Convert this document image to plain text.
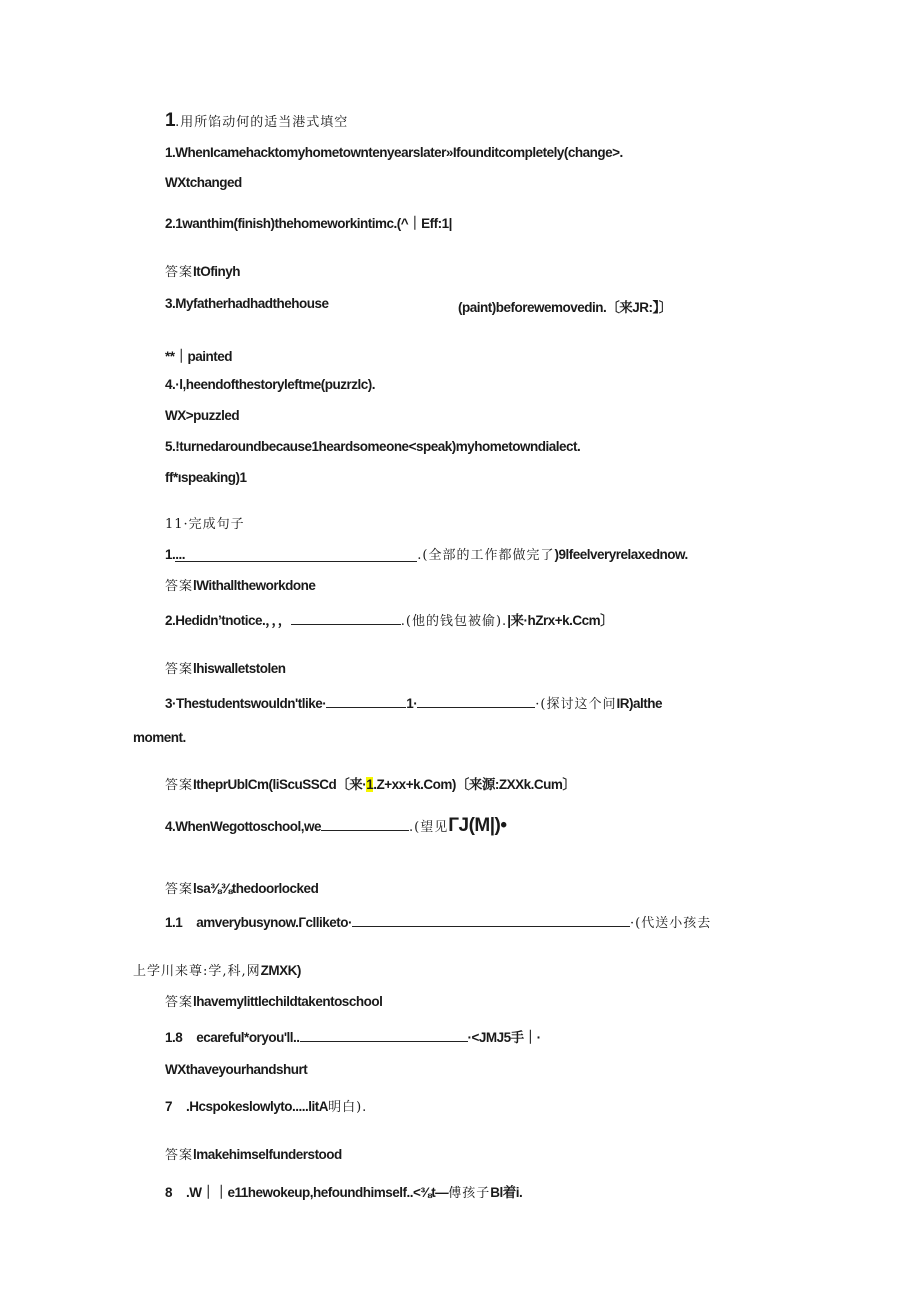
1.用所馅动何的适当港式填空
1.WhenIcamehacktomyhometowntenyearslater»Ifounditcompletely(change>.
WXtchanged
2.1wanthim(finish)thehomeworkintimc.(^｜Eff:1|
答案ItOfinyh
3.Myfatherhadhadthehouse	(paint)beforewemovedin.〔来JR:】〕
**｜painted
4.·l,heendofthestoryleftme(puzrzlc).
WX>puzzled
5.!turnedaroundbecause1heardsomeone<speak)myhometowndialect.
ff*ıspeaking)1
11·完成句子
1....	.(全部的工作都做完了)9lfeelveryrelaxednow.
答案lWithalltheworkdone
2.Hedidn’tnotice.，，，	.(他的钱包被偷).|来·hZrx+k.Ccm〕
答案lhiswalletstolen
3·Thestudentswouldn'tlike·	1·	·(探讨这个问IR)althe
moment.
答案ItheprUblCm(liScuSSCd〔来·1.Z+xx+k.Com)〔来源:ZXXk.Cum〕
4.WhenWegottoschool,we	.(望见ГJ(M|)•
答案lsa⅜⅜thedoorlocked
1.1 amverybusynow.Гclliketo·	·(代送小孩去
上学川来尊:学,科,网ZMXK)
答案lhavemylittlechildtakentoschool
1.8 ecareful*oryou'll..	·<JMJ5手｜·
WXthaveyourhandshurt
7 .Hcspokeslowlyto.....litA明白).
答案lmakehimselfunderstood
8 .W｜｜e11hewokeup,hefoundhimself..<⅜t—傅孩子Bl着i.
